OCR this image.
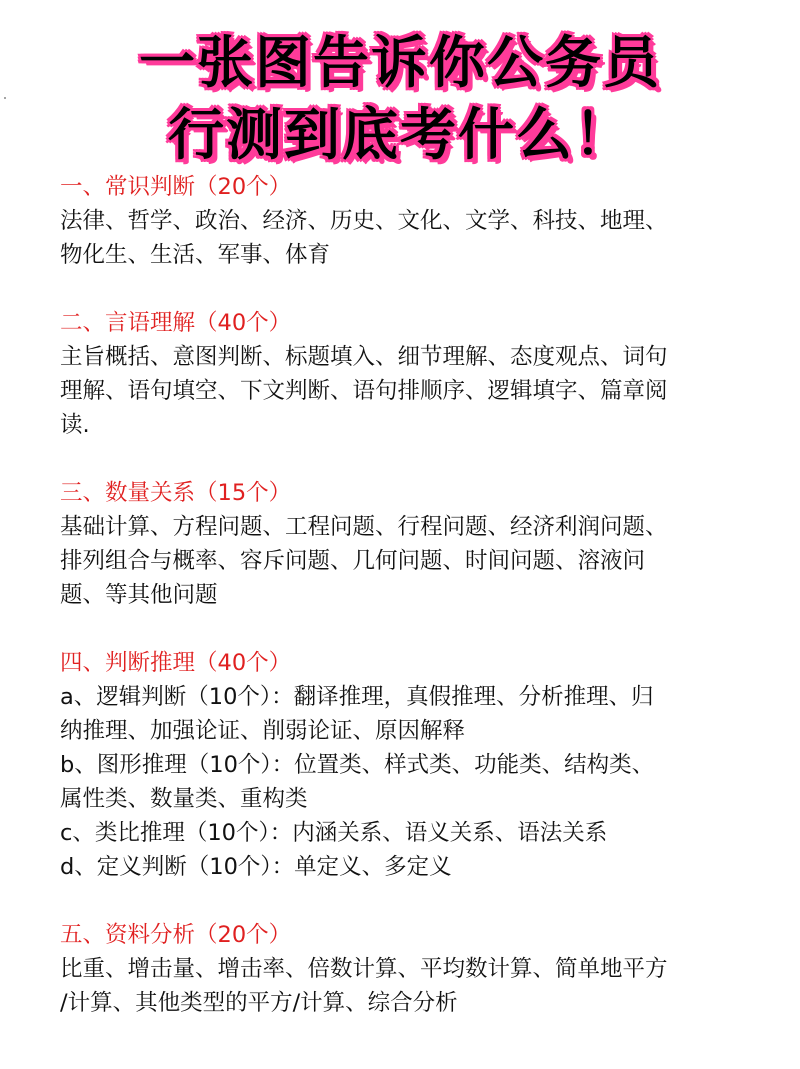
一张图告诉你公务员
行测到底考什么！
一、常识判断（20个）
法律、哲学、政治、经济、历史、文化、文学、科技、地理、
物化生、生活、军事、体育
二、言语理解（40个）
主旨概括、意图判断、标题填入、细节理解、态度观点、词句
理解、语句填空、下文判断、语句排顺序、逻辑填字、篇章阅
读.
三、数量关系（15个）
基础计算、方程问题、工程问题、行程问题、经济利润问题、
排列组合与概率、容斥问题、几何问题、时间问题、溶液问
题、等其他问题
四、判断推理（40个）
a、逻辑判断（10个）：翻译推理，真假推理、分析推理、归
纳推理、加强论证、削弱论证、原因解释
b、图形推理（10个）：位置类、样式类、功能类、结构类、
属性类、数量类、重构类
c、类比推理（10个）：内涵关系、语义关系、语法关系
d、定义判断（10个）：单定义、多定义
五、资料分析（20个）
比重、增击量、增击率、倍数计算、平均数计算、简单地平方
/计算、其他类型的平方/计算、综合分析
